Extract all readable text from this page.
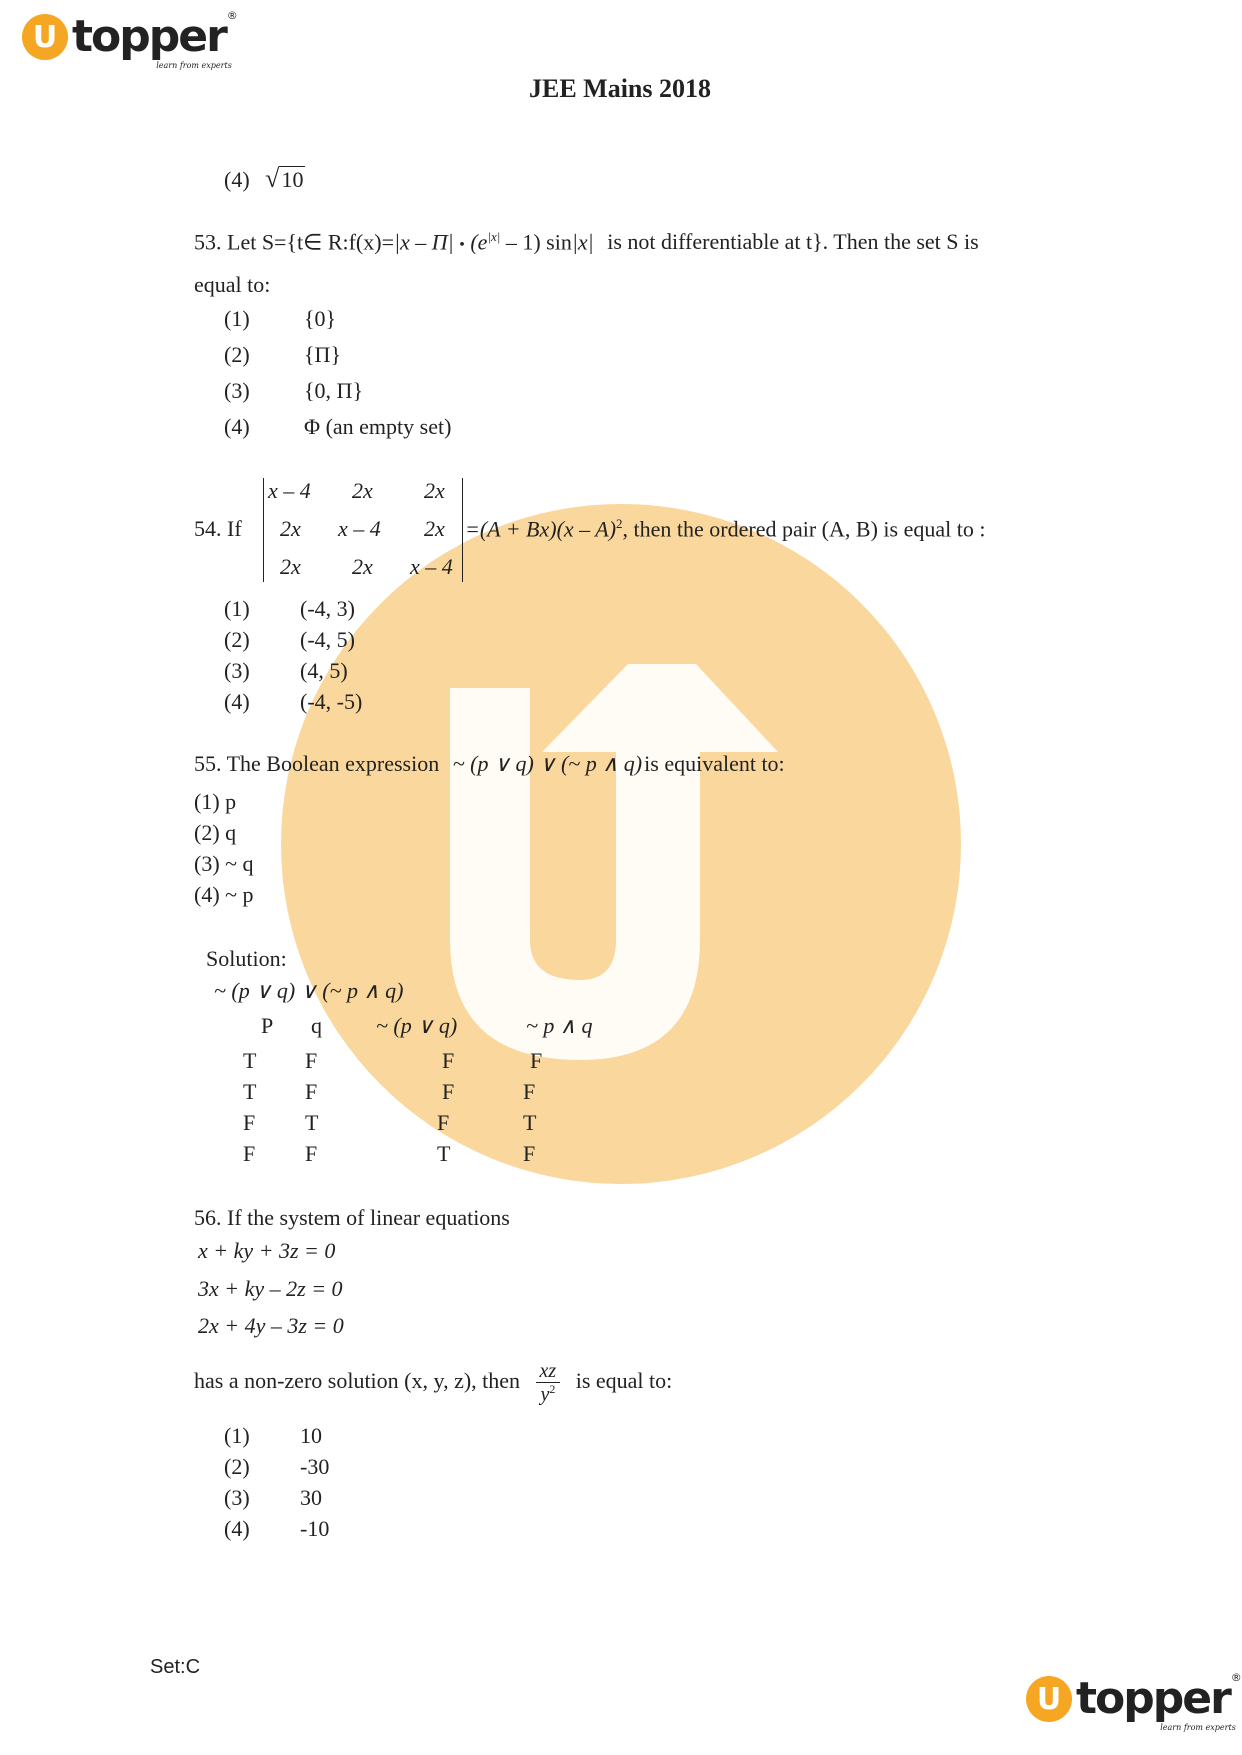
U topper ®
learn from experts
JEE Mains 2018
(4) √10
53. Let S={t∈ R:f(x)=|x – Π| • $(e^{|x|} - 1)$ sin|x| is not differentiable at t}. Then the set S is
equal to:
(1) {0}
(2) {Π}
(3) {0, Π}
(4) Φ (an empty set)
54. If
x – 4 2x 2x
2x x – 4 2x
2x 2x x – 4
=(A + Bx)(x – A)$^2$, then the ordered pair (A, B) is equal to :
(1) (-4, 3)
(2) (-4, 5)
(3) (4, 5)
(4) (-4, -5)
55. The Boolean expression ~ (p ∨ q) ∨ (~ p ∧ q)is equivalent to:
(1) p
(2) q
(3) ~ q
(4) ~ p
Solution:
~ (p ∨ q) ∨ (~ p ∧ q)
P q ~ (p ∨ q)	~ p ∧ q
T F	F	F
T F	F	F
F T	F	T
F F	T	F
56. If the system of linear equations
x + ky + 3z = 0
3x + ky – 2z = 0
2x + 4y – 3z = 0
has a non-zero solution (x, y, z), then $\frac{xz}{y^2}$ is equal to:
(1) 10
(2) -30
(3) 30
(4) -10
Set:C
U topper ®
learn from experts
